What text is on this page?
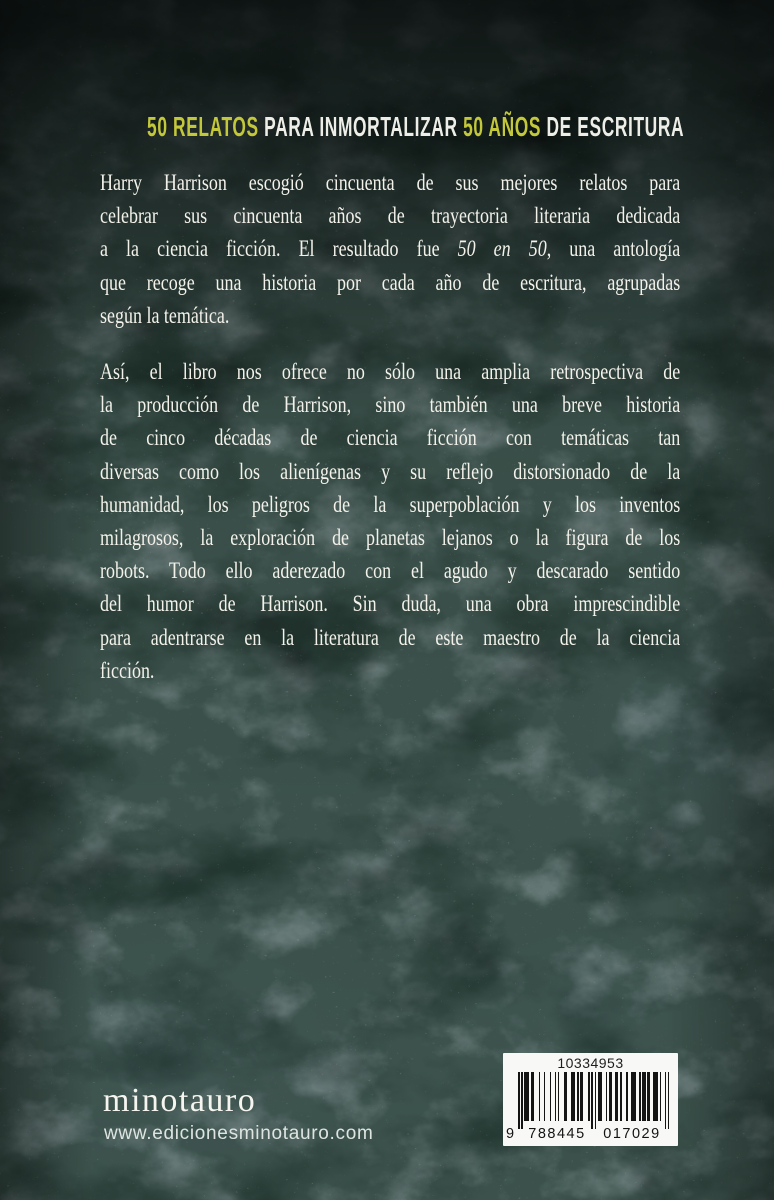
50 RELATOS PARA INMORTALIZAR 50 AÑOS DE ESCRITURA
Harry Harrison escogió cincuenta de sus mejores relatos para
celebrar sus cincuenta años de trayectoria literaria dedicada
a la ciencia ficción. El resultado fue 50 en 50, una antología
que recoge una historia por cada año de escritura, agrupadas
según la temática.
Así, el libro nos ofrece no sólo una amplia retrospectiva de
la producción de Harrison, sino también una breve historia
de cinco décadas de ciencia ficción con temáticas tan
diversas como los alienígenas y su reflejo distorsionado de la
humanidad, los peligros de la superpoblación y los inventos
milagrosos, la exploración de planetas lejanos o la figura de los
robots. Todo ello aderezado con el agudo y descarado sentido
del humor de Harrison. Sin duda, una obra imprescindible
para adentrarse en la literatura de este maestro de la ciencia
ficción.
minotauro
www.edicionesminotauro.com
10334953
9 788445	017029
